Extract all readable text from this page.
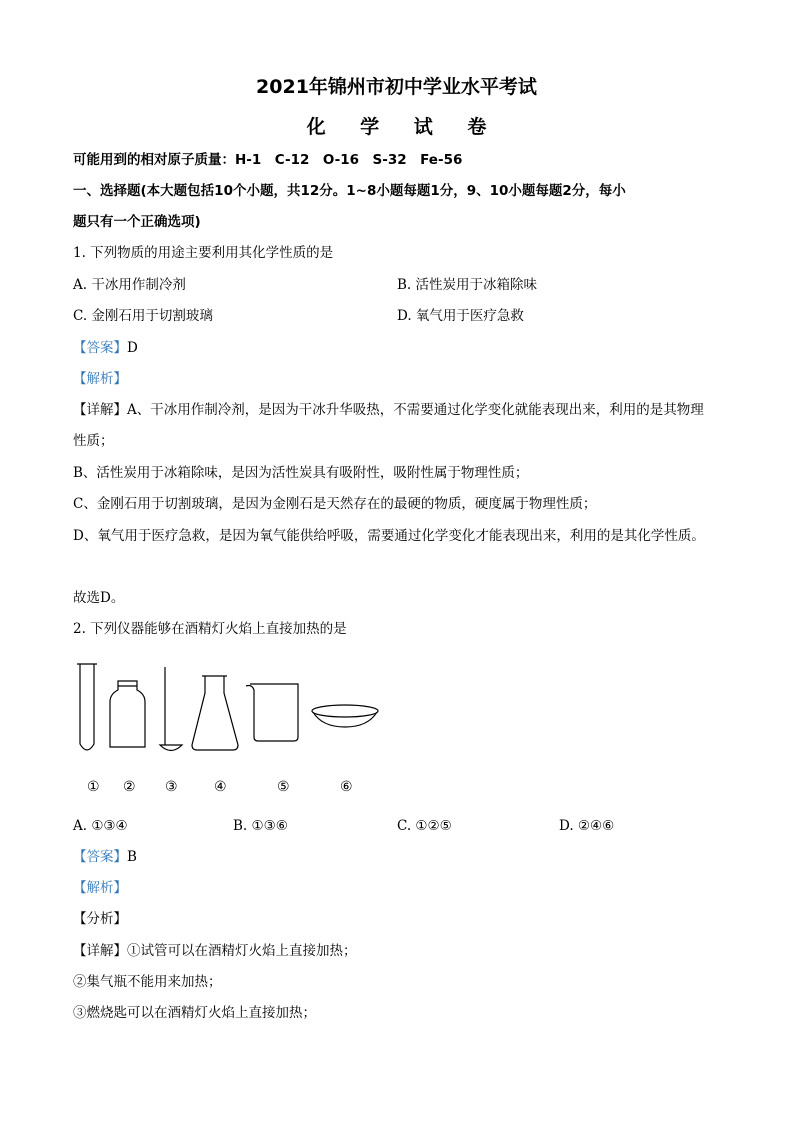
2021年锦州市初中学业水平考试
化 学 试 卷
可能用到的相对原子质量：H-1　C-12　O-16　S-32　Fe-56
一、选择题(本大题包括10个小题，共12分。1~8小题每题1分，9、10小题每题2分，每小
题只有一个正确选项)
1. 下列物质的用途主要利用其化学性质的是
A. 干冰用作制冷剂	B. 活性炭用于冰箱除味
C. 金刚石用于切割玻璃	D. 氧气用于医疗急救
【答案】D
【解析】
【详解】A、干冰用作制冷剂，是因为干冰升华吸热，不需要通过化学变化就能表现出来，利用的是其物理
性质；
B、活性炭用于冰箱除味，是因为活性炭具有吸附性，吸附性属于物理性质；
C、金刚石用于切割玻璃，是因为金刚石是天然存在的最硬的物质，硬度属于物理性质；
D、氧气用于医疗急救，是因为氧气能供给呼吸，需要通过化学变化才能表现出来，利用的是其化学性质。
故选D。
2. 下列仪器能够在酒精灯火焰上直接加热的是
① ② ③	④	⑤	⑥
A. ①③④	B. ①③⑥	C. ①②⑤	D. ②④⑥
【答案】B
【解析】
【分析】
【详解】①试管可以在酒精灯火焰上直接加热；
②集气瓶不能用来加热；
③燃烧匙可以在酒精灯火焰上直接加热；
